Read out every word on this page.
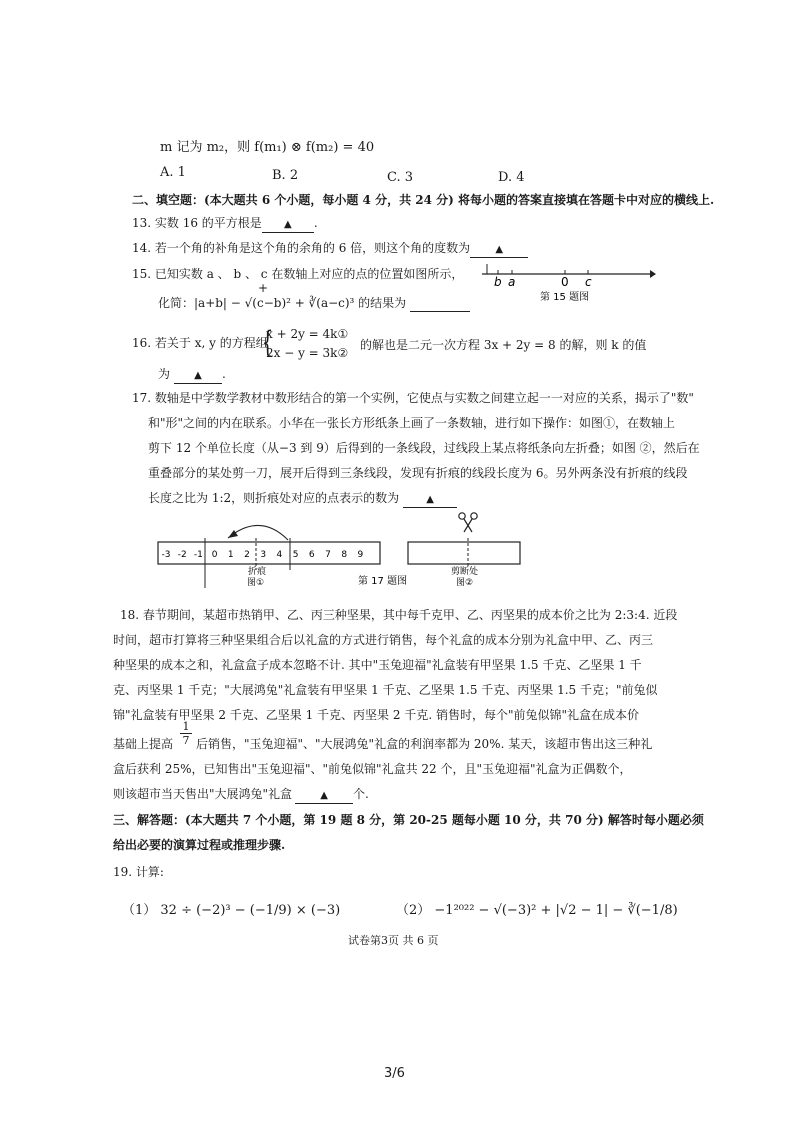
m 记为 m₂，则 f(m₁) ⊗ f(m₂) = 40
A. 1	B. 2	C. 3	D. 4
二、填空题：(本大题共 6 个小题，每小题 4 分，共 24 分) 将每小题的答案直接填在答题卡中对应的横线上.
13. 实数 16 的平方根是 ▲ .
14. 若一个角的补角是这个角的余角的 6 倍，则这个角的度数为	▲
15. 已知实数 a 、 b 、 c 在数轴上对应的点的位置如图所示，
+
化简：|a+b| − √(c−b)² + ∛(a−c)³ 的结果为
b a	0 c
第 15 题图
16. 若关于 x, y 的方程组
{
x + 2y = 4k①
2x − y = 3k②
的解也是二元一次方程 3x + 2y = 8 的解，则 k 的值
为 ▲ .
17. 数轴是中学数学教材中数形结合的第一个实例，它使点与实数之间建立起一一对应的关系，揭示了"数"
和"形"之间的内在联系。小华在一张长方形纸条上画了一条数轴，进行如下操作：如图①，在数轴上
剪下 12 个单位长度（从−3 到 9）后得到的一条线段，过线段上某点将纸条向左折叠；如图 ②，然后在
重叠部分的某处剪一刀，展开后得到三条线段，发现有折痕的线段长度为 6。另外两条没有折痕的线段
长度之比为 1:2，则折痕处对应的点表示的数为	▲
-3 -2 -1 0 1 2 3 4 5 6 7 8 9
折痕
图①	第 17 题图
剪断处
图②
18. 春节期间，某超市热销甲、乙、丙三种坚果，其中每千克甲、乙、丙坚果的成本价之比为 2:3:4. 近段
时间，超市打算将三种坚果组合后以礼盒的方式进行销售，每个礼盒的成本分别为礼盒中甲、乙、丙三
种坚果的成本之和，礼盒盒子成本忽略不计. 其中"玉兔迎福"礼盒装有甲坚果 1.5 千克、乙坚果 1 千
克、丙坚果 1 千克；"大展鸿兔"礼盒装有甲坚果 1 千克、乙坚果 1.5 千克、丙坚果 1.5 千克；"前兔似
锦"礼盒装有甲坚果 2 千克、乙坚果 1 千克、丙坚果 2 千克. 销售时，每个"前兔似锦"礼盒在成本价
基础上提高 $\frac{1}{7}$ 后销售，"玉兔迎福"、"大展鸿兔"礼盒的利润率都为 20%. 某天，该超市售出这三种礼
盒后获利 25%，已知售出"玉兔迎福"、"前兔似锦"礼盒共 22 个，且"玉兔迎福"礼盒为正偶数个，
则该超市当天售出"大展鸿兔"礼盒	▲ 个.
三、解答题：(本大题共 7 个小题，第 19 题 8 分，第 20-25 题每小题 10 分，共 70 分) 解答时每小题必须
给出必要的演算过程或推理步骤.
19. 计算:
（1） 32 ÷ (−2)³ − (−1/9) × (−3)	（2） −1²⁰²² − √(−3)² + |√2 − 1| − ∛(−1/8)
试卷第3页 共 6 页
3/6
